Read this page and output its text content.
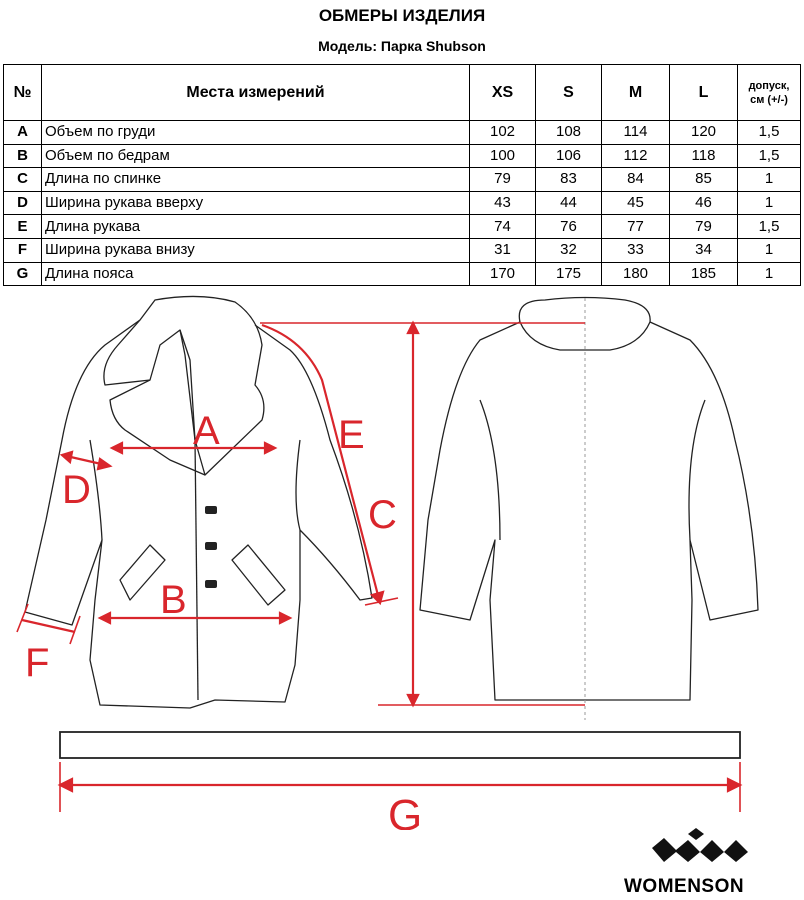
ОБМЕРЫ ИЗДЕЛИЯ
Модель: Парка Shubson
№	Места измерений	XS	S	M	L	допуск,
см (+/-)
A	Объем по груди	102	108	114	120	1,5
B	Объем по бедрам	100	106	112	118	1,5
C	Длина по спинке	79	83	84	85	1
D	Ширина рукава вверху	43	44	45	46	1
E	Длина рукава	74	76	77	79	1,5
F	Ширина рукава внизу	31	32	33	34	1
G	Длина пояса	170	175	180	185	1
A
B
C
D
E
F
G
WOMENSON
